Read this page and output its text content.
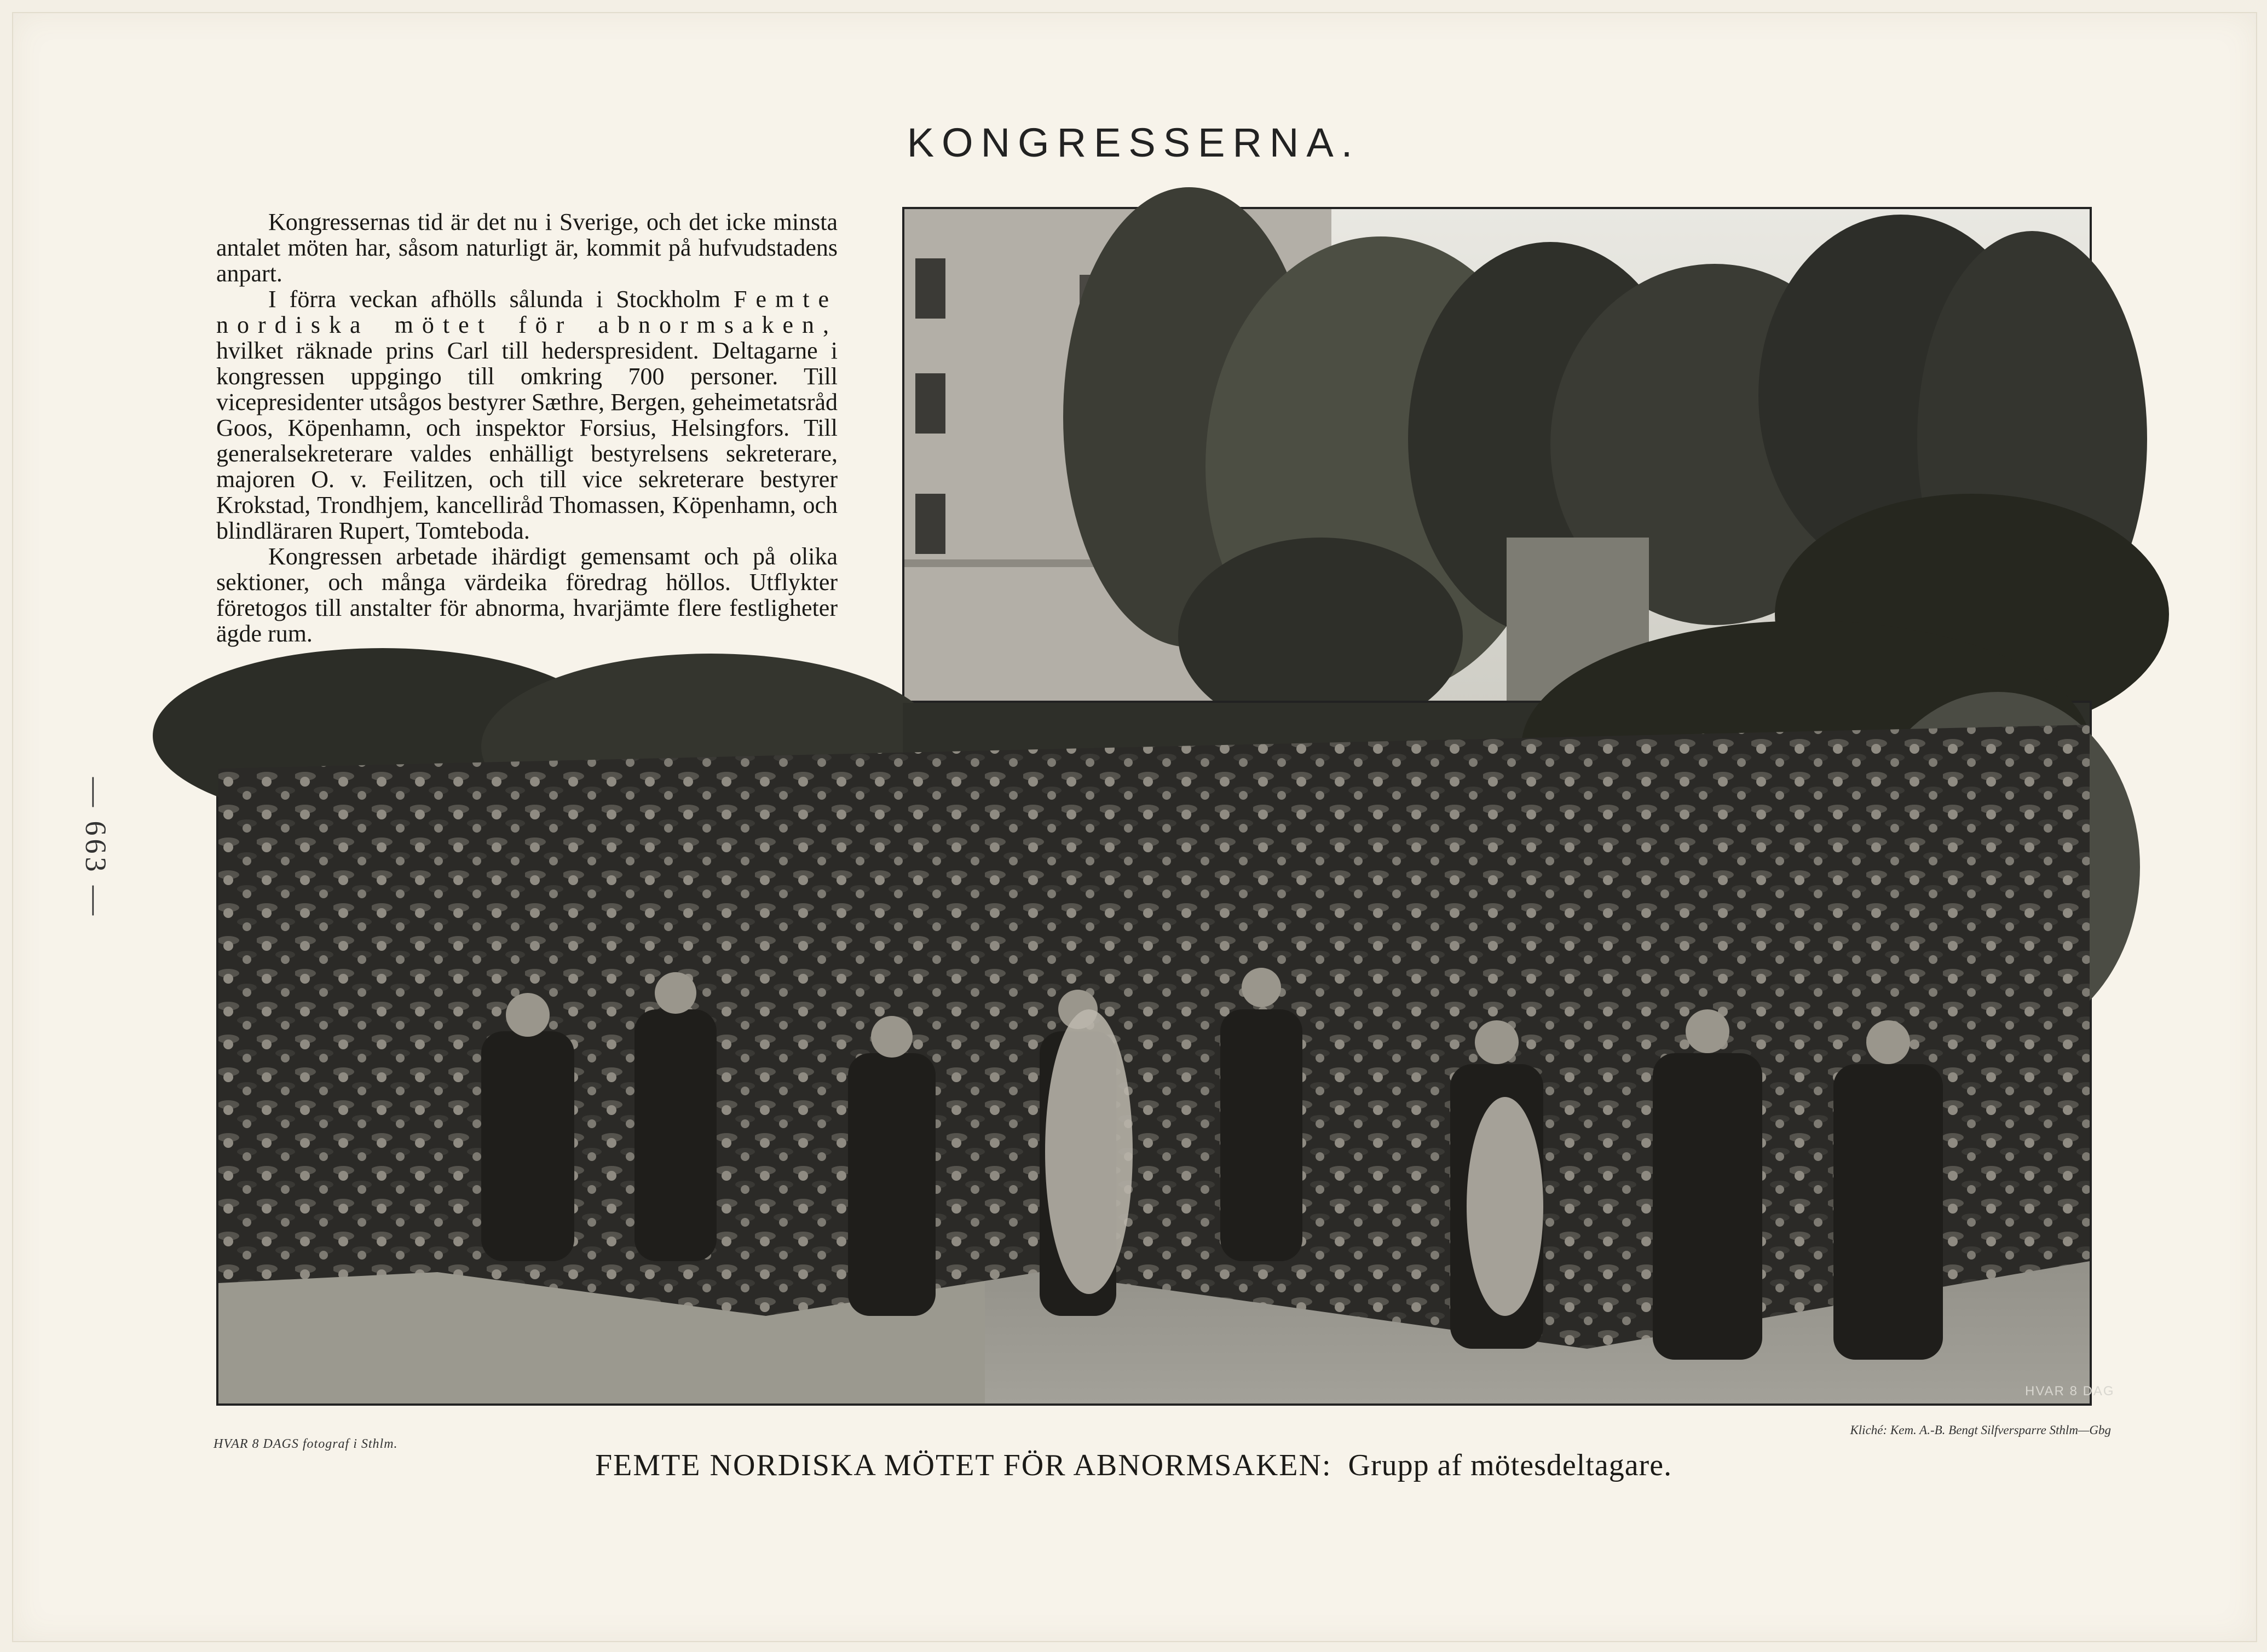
KONGRESSERNA.
— 663 —

Kongressernas tid är det nu i Sverige, och det icke minsta antalet möten har, såsom naturligt är, kommit på hufvudstadens anpart.

I förra veckan afhölls sålunda i Stockholm Femte nordiska mötet för abnormsaken, hvilket räknade prins Carl till hederspresident. Deltagarne i kongressen uppgingo till omkring 700 personer. Till vicepresidenter utsågos bestyrer Sæthre, Bergen, geheimetatsråd Goos, Köpenhamn, och inspektor Forsius, Helsingfors. Till generalsekreterare valdes enhälligt bestyrelsens sekreterare, majoren O. v. Feilitzen, och till vice sekreterare bestyrer Krokstad, Trondhjem, kancellіråd Thomassen, Köpenhamn, och blindläraren Rupert, Tomteboda.

Kongressen arbetade ihärdigt gemensamt och på olika sektioner, och många värdeika föredrag höllos. Utflykter företogos till anstalter för abnorma, hvarjämte flere festligheter ägde rum.

HVAR 8 DAG
HVAR 8 DAGS fotograf i Sthlm.
Kliché: Kem. A.-B. Bengt Silfversparre Sthlm—Gbg
FEMTE NORDISKA MÖTET FÖR ABNORMSAKEN: Grupp af mötesdeltagare.
